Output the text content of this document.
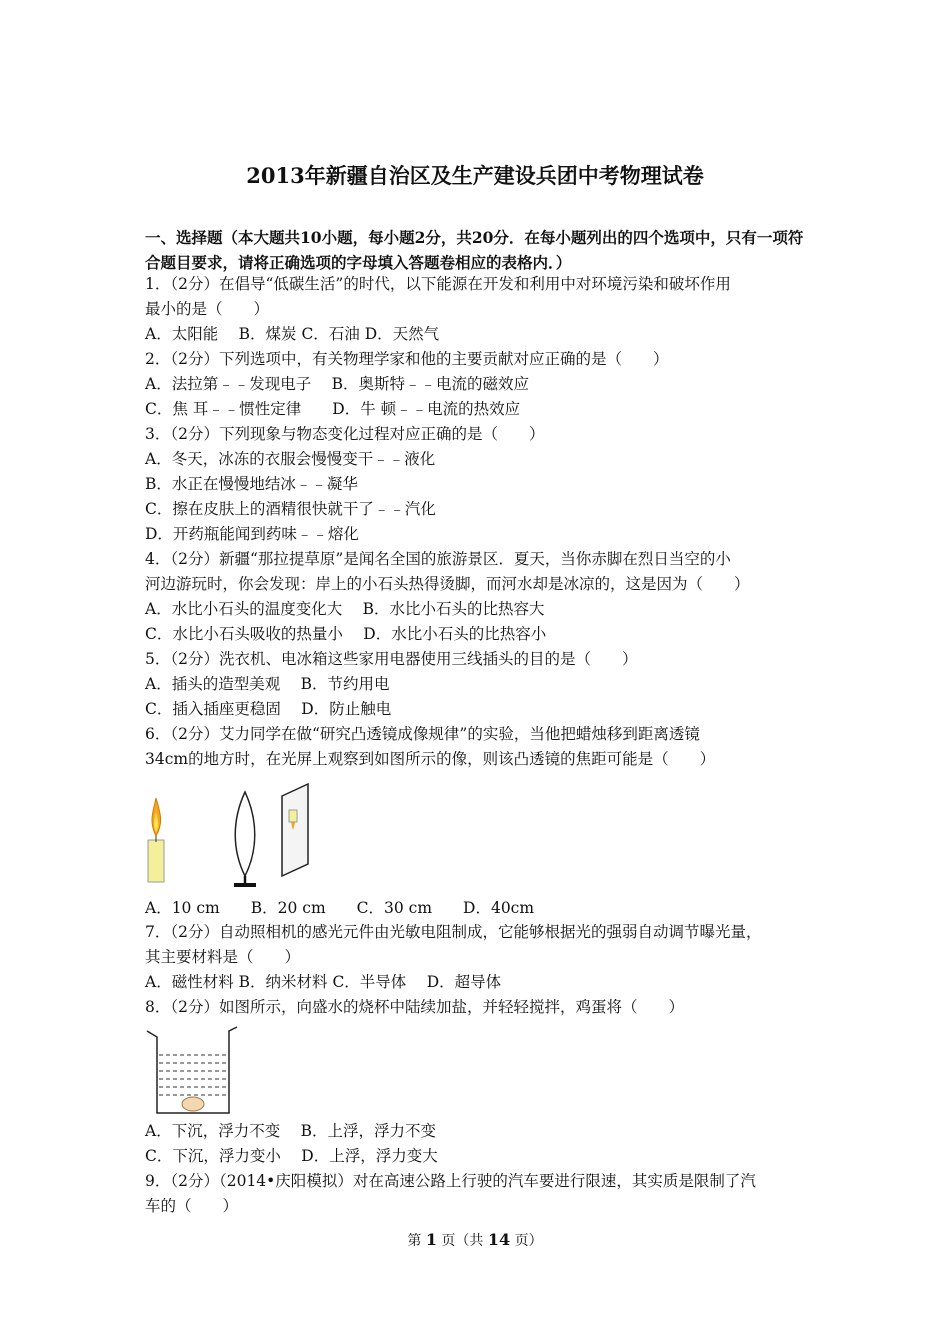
2013年新疆自治区及生产建设兵团中考物理试卷
一、选择题（本大题共10小题，每小题2分，共20分．在每小题列出的四个选项中，只有一项符合题目要求，请将正确选项的字母填入答题卷相应的表格内．）
1．（2分）在倡导“低碳生活”的时代，以下能源在开发和利用中对环境污染和破坏作用
最小的是（　　）
A．太阳能　 B．煤炭 C．石油 D．天然气
2．（2分）下列选项中，有关物理学家和他的主要贡献对应正确的是（　　）
A．法拉第﹣﹣发现电子　 B．奥斯特﹣﹣电流的磁效应
C．焦 耳﹣﹣惯性定律　　D．牛 顿﹣﹣电流的热效应
3．（2分）下列现象与物态变化过程对应正确的是（　　）
A．冬天，冰冻的衣服会慢慢变干﹣﹣液化
B．水正在慢慢地结冰﹣﹣凝华
C．擦在皮肤上的酒精很快就干了﹣﹣汽化
D．开药瓶能闻到药味﹣﹣熔化
4．（2分）新疆“那拉提草原”是闻名全国的旅游景区．夏天，当你赤脚在烈日当空的小
河边游玩时，你会发现：岸上的小石头热得烫脚，而河水却是冰凉的，这是因为（　　）
A．水比小石头的温度变化大　 B．水比小石头的比热容大
C．水比小石头吸收的热量小　 D．水比小石头的比热容小
5．（2分）洗衣机、电冰箱这些家用电器使用三线插头的目的是（　　）
A．插头的造型美观　 B．节约用电
C．插入插座更稳固　 D．防止触电
6．（2分）艾力同学在做“研究凸透镜成像规律”的实验，当他把蜡烛移到距离透镜
34cm的地方时，在光屏上观察到如图所示的像，则该凸透镜的焦距可能是（　　）
A．10 cm　　B．20 cm　　C．30 cm　　D．40cm
7．（2分）自动照相机的感光元件由光敏电阻制成，它能够根据光的强弱自动调节曝光量，
其主要材料是（　　）
A．磁性材料 B．纳米材料 C．半导体　 D．超导体
8．（2分）如图所示，向盛水的烧杯中陆续加盐，并轻轻搅拌，鸡蛋将（　　）
A．下沉，浮力不变　 B．上浮，浮力不变
C．下沉，浮力变小　 D．上浮，浮力变大
9．（2分）（2014•庆阳模拟）对在高速公路上行驶的汽车要进行限速，其实质是限制了汽
车的（　　）
第 1 页（共 14 页）
